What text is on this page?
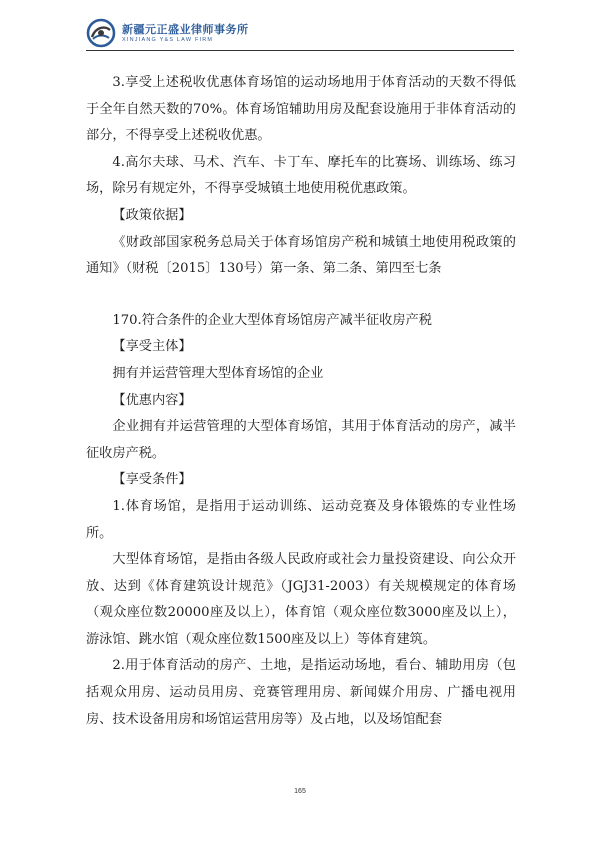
新疆元正盛业律师事务所
XINJIANG Y&S LAW FIRM

3.享受上述税收优惠体育场馆的运动场地用于体育活动的天数不得低于全年自然天数的70%。体育场馆辅助用房及配套设施用于非体育活动的部分，不得享受上述税收优惠。

4.高尔夫球、马术、汽车、卡丁车、摩托车的比赛场、训练场、练习场，除另有规定外，不得享受城镇土地使用税优惠政策。

【政策依据】

《财政部国家税务总局关于体育场馆房产税和城镇土地使用税政策的通知》（财税〔2015〕130号）第一条、第二条、第四至七条

170.符合条件的企业大型体育场馆房产减半征收房产税

【享受主体】

拥有并运营管理大型体育场馆的企业

【优惠内容】

企业拥有并运营管理的大型体育场馆，其用于体育活动的房产，减半征收房产税。

【享受条件】

1.体育场馆，是指用于运动训练、运动竞赛及身体锻炼的专业性场所。

大型体育场馆，是指由各级人民政府或社会力量投资建设、向公众开放、达到《体育建筑设计规范》（JGJ31-2003）有关规模规定的体育场（观众座位数20000座及以上），体育馆（观众座位数3000座及以上），游泳馆、跳水馆（观众座位数1500座及以上）等体育建筑。

2.用于体育活动的房产、土地，是指运动场地，看台、辅助用房（包括观众用房、运动员用房、竞赛管理用房、新闻媒介用房、广播电视用房、技术设备用房和场馆运营用房等）及占地，以及场馆配套

165
